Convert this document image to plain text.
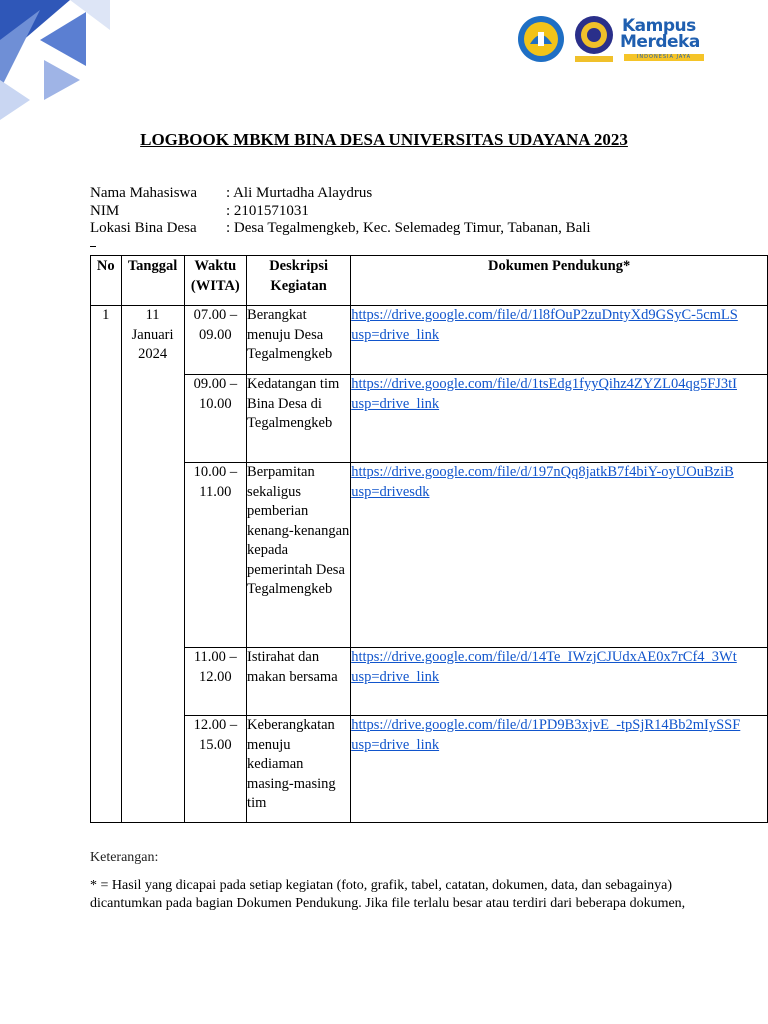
Kampus
Merdeka
INDONESIA JAYA
LOGBOOK MBKM BINA DESA UNIVERSITAS UDAYANA 2023
Nama Mahasiswa	: Ali Murtadha Alaydrus
NIM	: 2101571031
Lokasi Bina Desa	: Desa Tegalmengkeb, Kec. Selemadeg Timur, Tabanan, Bali
No	Tanggal	Waktu (WITA)	Deskripsi Kegiatan	Dokumen Pendukung*
1	11 Januari 2024	07.00 – 09.00	Berangkat menuju Desa Tegalmengkeb	https://drive.google.com/file/d/1l8fOuP2zuDntyXd9GSyC-5cmLS
usp=drive_link

		09.00 – 10.00	Kedatangan tim Bina Desa di Tegalmengkeb	https://drive.google.com/file/d/1tsEdg1fyyQihz4ZYZL04qg5FJ3tI
usp=drive_link

		10.00 – 11.00	Berpamitan sekaligus pemberian kenang-kenangan kepada pemerintah Desa Tegalmengkeb	https://drive.google.com/file/d/197nQq8jatkB7f4biY-oyUOuBziB
usp=drivesdk

		11.00 – 12.00	Istirahat dan makan bersama	https://drive.google.com/file/d/14Te_IWzjCJUdxAE0x7rCf4_3Wt
usp=drive_link

		12.00 – 15.00	Keberangkatan menuju kediaman masing-masing tim	https://drive.google.com/file/d/1PD9B3xjvE_-tpSjR14Bb2mIySSF
usp=drive_link
Keterangan:
* = Hasil yang dicapai pada setiap kegiatan (foto, grafik, tabel, catatan, dokumen, data, dan sebagainya) dicantumkan pada bagian Dokumen Pendukung. Jika file terlalu besar atau terdiri dari beberapa dokumen,
